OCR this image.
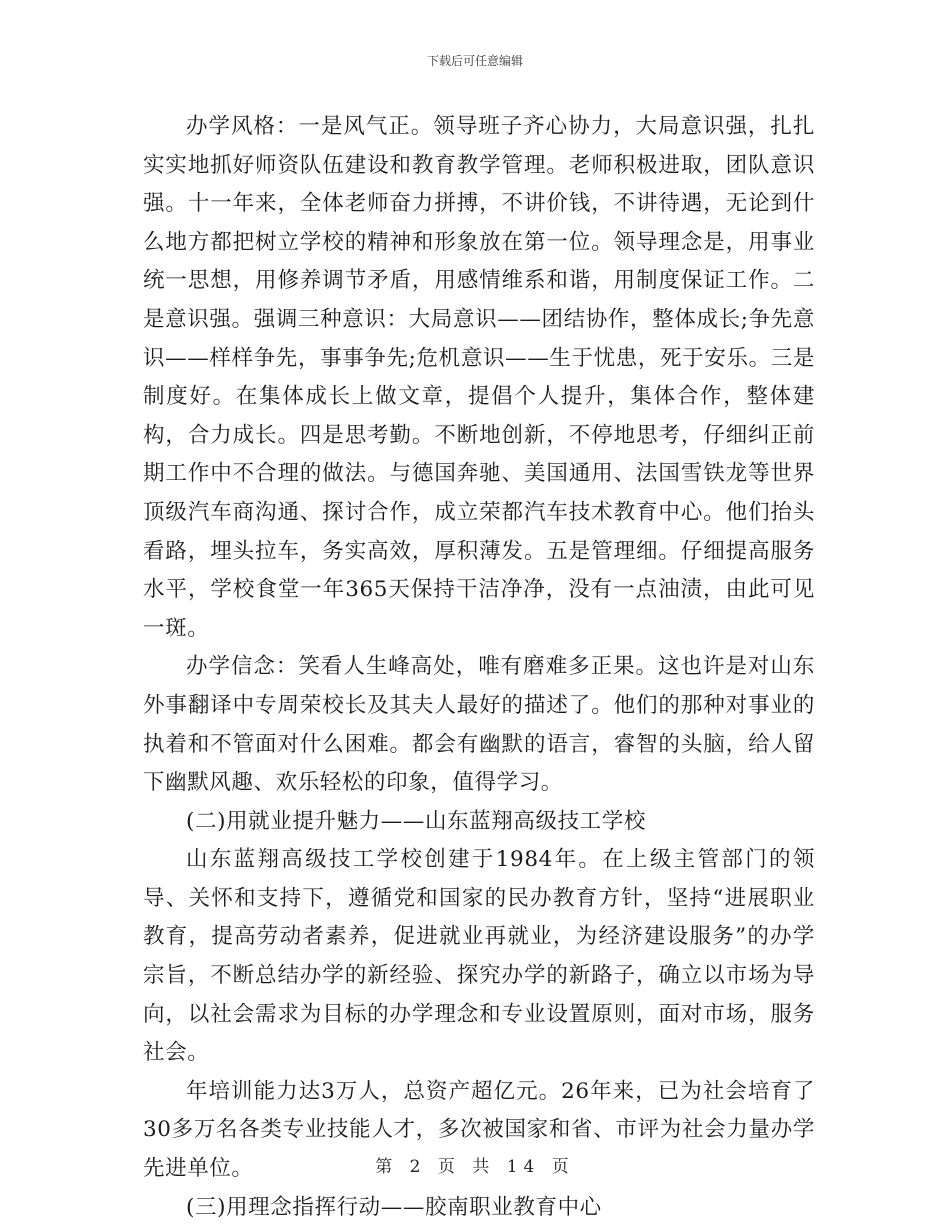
下载后可任意编辑

办学风格：一是风气正。领导班子齐心协力，大局意识强，扎扎实实地抓好师资队伍建设和教育教学管理。老师积极进取，团队意识强。十一年来，全体老师奋力拼搏，不讲价钱，不讲待遇，无论到什么地方都把树立学校的精神和形象放在第一位。领导理念是，用事业统一思想，用修养调节矛盾，用感情维系和谐，用制度保证工作。二是意识强。强调三种意识：大局意识——团结协作，整体成长;争先意识——样样争先，事事争先;危机意识——生于忧患，死于安乐。三是制度好。在集体成长上做文章，提倡个人提升，集体合作，整体建构，合力成长。四是思考勤。不断地创新，不停地思考，仔细纠正前期工作中不合理的做法。与德国奔驰、美国通用、法国雪铁龙等世界顶级汽车商沟通、探讨合作，成立荣都汽车技术教育中心。他们抬头看路，埋头拉车，务实高效，厚积薄发。五是管理细。仔细提高服务水平，学校食堂一年365天保持干洁净净，没有一点油渍，由此可见一斑。

办学信念：笑看人生峰高处，唯有磨难多正果。这也许是对山东外事翻译中专周荣校长及其夫人最好的描述了。他们的那种对事业的执着和不管面对什么困难。都会有幽默的语言，睿智的头脑，给人留下幽默风趣、欢乐轻松的印象，值得学习。

(二)用就业提升魅力——山东蓝翔高级技工学校

山东蓝翔高级技工学校创建于1984年。在上级主管部门的领导、关怀和支持下，遵循党和国家的民办教育方针，坚持“进展职业教育，提高劳动者素养，促进就业再就业，为经济建设服务”的办学宗旨，不断总结办学的新经验、探究办学的新路子，确立以市场为导向，以社会需求为目标的办学理念和专业设置原则，面对市场，服务社会。

年培训能力达3万人，总资产超亿元。26年来，已为社会培育了30多万名各类专业技能人才，多次被国家和省、市评为社会力量办学先进单位。

(三)用理念指挥行动——胶南职业教育中心

第 2 页 共 14 页
